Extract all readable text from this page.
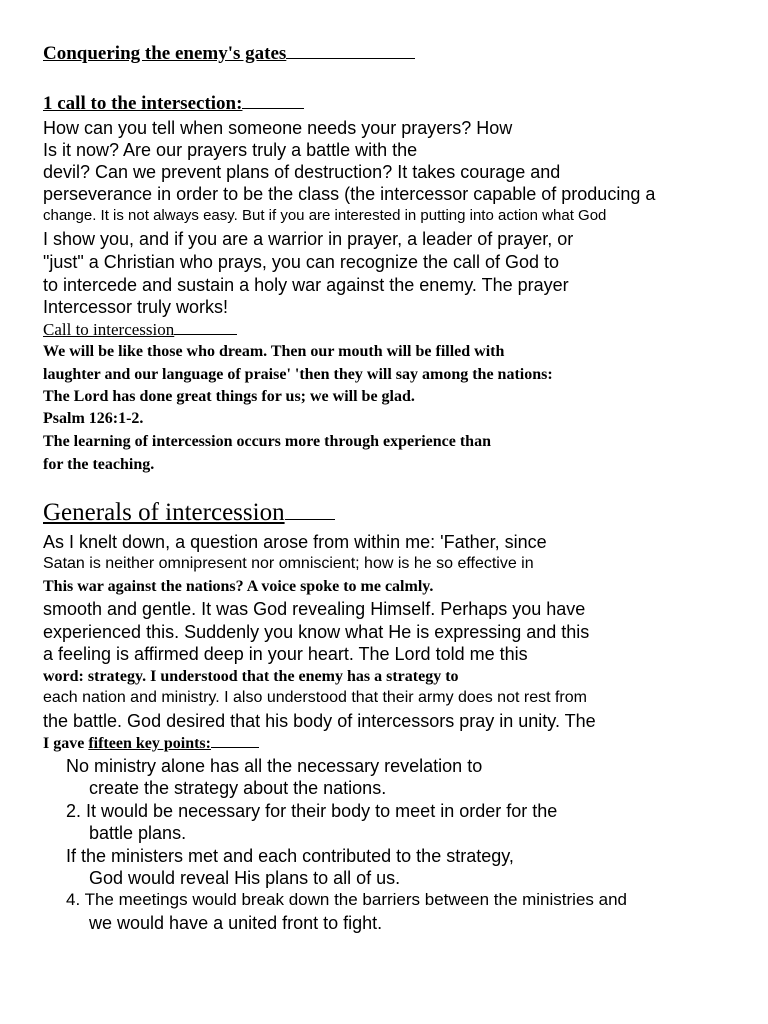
Conquering the enemy's gates
1 call to the intersection:
How can you tell when someone needs your prayers? How
Is it now? Are our prayers truly a battle with the
devil? Can we prevent plans of destruction? It takes courage and
perseverance in order to be the class (the intercessor capable of producing a
change. It is not always easy. But if you are interested in putting into action what God
I show you, and if you are a warrior in prayer, a leader of prayer, or
"just" a Christian who prays, you can recognize the call of God to
to intercede and sustain a holy war against the enemy. The prayer
Intercessor truly works!
Call to intercession
We will be like those who dream. Then our mouth will be filled with
laughter and our language of praise' 'then they will say among the nations:
The Lord has done great things for us; we will be glad.
Psalm 126:1-2.
The learning of intercession occurs more through experience than
for the teaching.
Generals of intercession
As I knelt down, a question arose from within me: 'Father, since
Satan is neither omnipresent nor omniscient; how is he so effective in
This war against the nations? A voice spoke to me calmly.
smooth and gentle. It was God revealing Himself. Perhaps you have
experienced this. Suddenly you know what He is expressing and this
a feeling is affirmed deep in your heart. The Lord told me this
word: strategy. I understood that the enemy has a strategy to
each nation and ministry. I also understood that their army does not rest from
the battle. God desired that his body of intercessors pray in unity. The
I gave fifteen key points:
No ministry alone has all the necessary revelation to
create the strategy about the nations.
2. It would be necessary for their body to meet in order for the
battle plans.
If the ministers met and each contributed to the strategy,
God would reveal His plans to all of us.
4. The meetings would break down the barriers between the ministries and
we would have a united front to fight.
